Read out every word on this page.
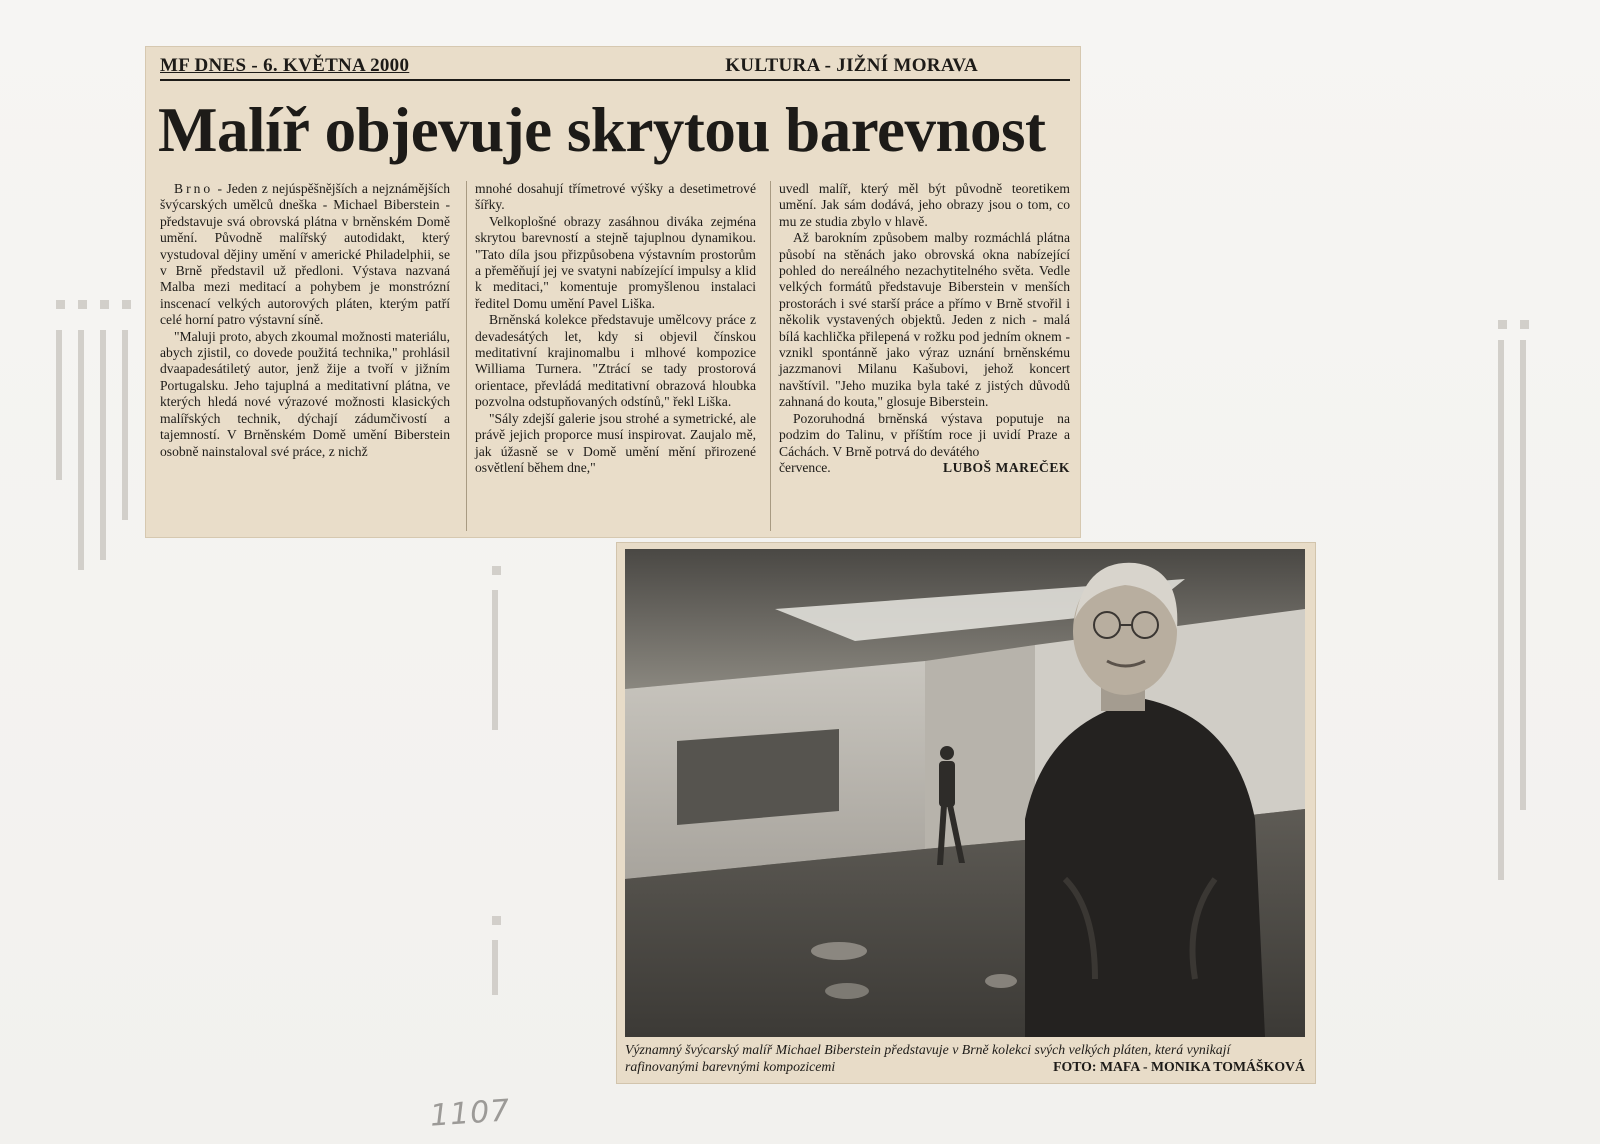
MF DNES - 6. KVĚTNA 2000	KULTURA - JIŽNÍ MORAVA
Malíř objevuje skrytou barevnost

Brno - Jeden z nejúspěšnějších a nejznámějších švýcarských umělců dneška - Michael Biberstein - představuje svá obrovská plátna v brněnském Domě umění. Původně malířský autodidakt, který vystudoval dějiny umění v americké Philadelphii, se v Brně představil už předloni. Výstava nazvaná Malba mezi meditací a pohybem je monstrózní inscenací velkých autorových pláten, kterým patří celé horní patro výstavní síně.

"Maluji proto, abych zkoumal možnosti materiálu, abych zjistil, co dovede použitá technika," prohlásil dvaapadesátiletý autor, jenž žije a tvoří v jižním Portugalsku. Jeho tajuplná a meditativní plátna, ve kterých hledá nové výrazové možnosti klasických malířských technik, dýchají zádumčivostí a tajemností. V Brněnském Domě umění Biberstein osobně nainstaloval své práce, z nichž

mnohé dosahují třímetrové výšky a desetimetrové šířky.

Velkoplošné obrazy zasáhnou diváka zejména skrytou barevností a stejně tajuplnou dynamikou. "Tato díla jsou přizpůsobena výstavním prostorům a přeměňují jej ve svatyni nabízející impulsy a klid k meditaci," komentuje promyšlenou instalaci ředitel Domu umění Pavel Liška.

Brněnská kolekce představuje umělcovy práce z devadesátých let, kdy si objevil čínskou meditativní krajinomalbu i mlhové kompozice Williama Turnera. "Ztrácí se tady prostorová orientace, převládá meditativní obrazová hloubka pozvolna odstupňovaných odstínů," řekl Liška.

"Sály zdejší galerie jsou strohé a symetrické, ale právě jejich proporce musí inspirovat. Zaujalo mě, jak úžasně se v Domě umění mění přirozené osvětlení během dne,"

uvedl malíř, který měl být původně teoretikem umění. Jak sám dodává, jeho obrazy jsou o tom, co mu ze studia zbylo v hlavě.

Až barokním způsobem malby rozmáchlá plátna působí na stěnách jako obrovská okna nabízející pohled do nereálného nezachytitelného světa. Vedle velkých formátů představuje Biberstein v menších prostorách i své starší práce a přímo v Brně stvořil i několik vystavených objektů. Jeden z nich - malá bílá kachlička přilepená v rožku pod jedním oknem - vznikl spontánně jako výraz uznání brněnskému jazzmanovi Milanu Kašubovi, jehož koncert navštívil. "Jeho muzika byla také z jistých důvodů zahnaná do kouta," glosuje Biberstein.

Pozoruhodná brněnská výstava poputuje na podzim do Talinu, v příštím roce ji uvidí Praze a Cáchách. V Brně potrvá do devátého

července.	LUBOŠ MAREČEK
Významný švýcarský malíř Michael Biberstein představuje v Brně kolekci svých velkých pláten, která vynikají rafinovanými barevnými kompozicemi	FOTO: MAFA - MONIKA TOMÁŠKOVÁ
1107
